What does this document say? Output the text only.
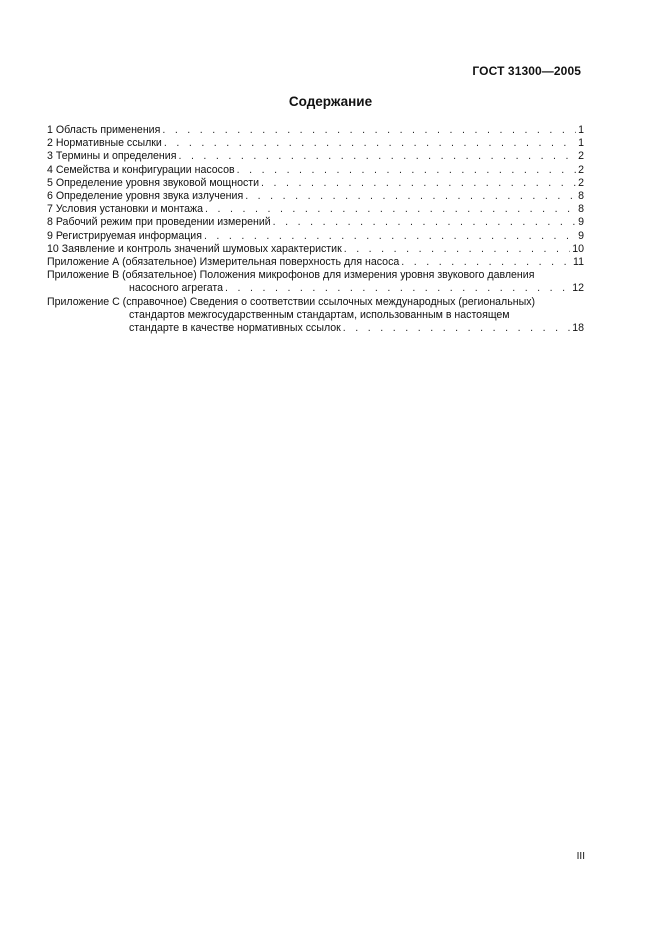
ГОСТ 31300—2005
Содержание
1 Область применения . . .	1
2 Нормативные ссылки . . .	1
3 Термины и определения . . .	2
4 Семейства и конфигурации насосов . . .	2
5 Определение уровня звуковой мощности . . .	2
6 Определение уровня звука излучения . . .	8
7 Условия установки и монтажа . . .	8
8 Рабочий режим при проведении измерений . . .	9
9 Регистрируемая информация . . .	9
10 Заявление и контроль значений шумовых характеристик . . .	10
Приложение А (обязательное) Измерительная поверхность для насоса . . .	11
Приложение В (обязательное) Положения микрофонов для измерения уровня звукового давления
насосного агрегата . . .	12
Приложение С (справочное) Сведения о соответствии ссылочных международных (региональных)
стандартов межгосударственным стандартам, использованным в настоящем
стандарте в качестве нормативных ссылок . . .	18
III
